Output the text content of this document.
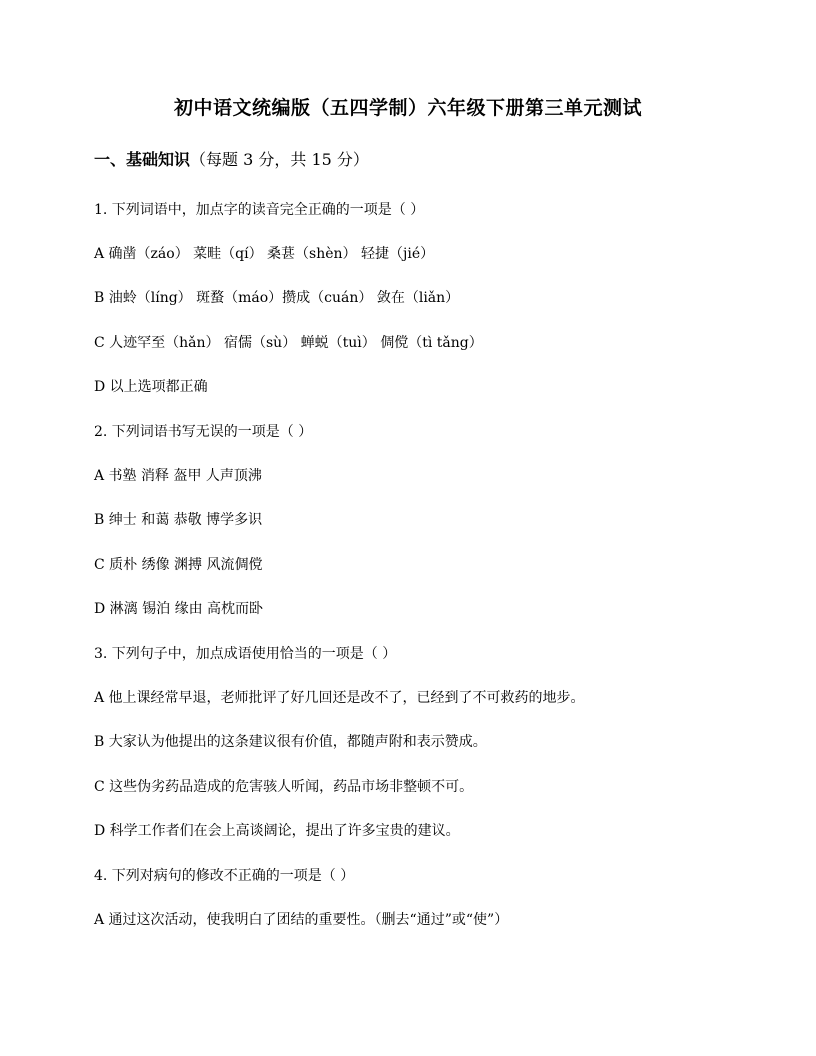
初中语文统编版（五四学制）六年级下册第三单元测试
一、基础知识（每题 3 分，共 15 分）
1. 下列词语中，加点字的读音完全正确的一项是（ ）
A 确凿（záo） 菜畦（qí） 桑葚（shèn） 轻捷（jié）
B 油蛉（líng） 斑蝥（máo）攒成（cuán） 敛在（liǎn）
C 人迹罕至（hǎn） 宿儒（sù） 蝉蜕（tuì） 倜傥（tì tǎng）
D 以上选项都正确
2. 下列词语书写无误的一项是（ ）
A 书塾 消释 盔甲 人声顶沸
B 绅士 和蔼 恭敬 博学多识
C 质朴 绣像 渊搏 风流倜傥
D 淋漓 锡泊 缘由 高枕而卧
3. 下列句子中，加点成语使用恰当的一项是（ ）
A 他上课经常早退，老师批评了好几回还是改不了，已经到了不可救药的地步。
B 大家认为他提出的这条建议很有价值，都随声附和表示赞成。
C 这些伪劣药品造成的危害骇人听闻，药品市场非整顿不可。
D 科学工作者们在会上高谈阔论，提出了许多宝贵的建议。
4. 下列对病句的修改不正确的一项是（ ）
A 通过这次活动，使我明白了团结的重要性。（删去“通过”或“使”）
